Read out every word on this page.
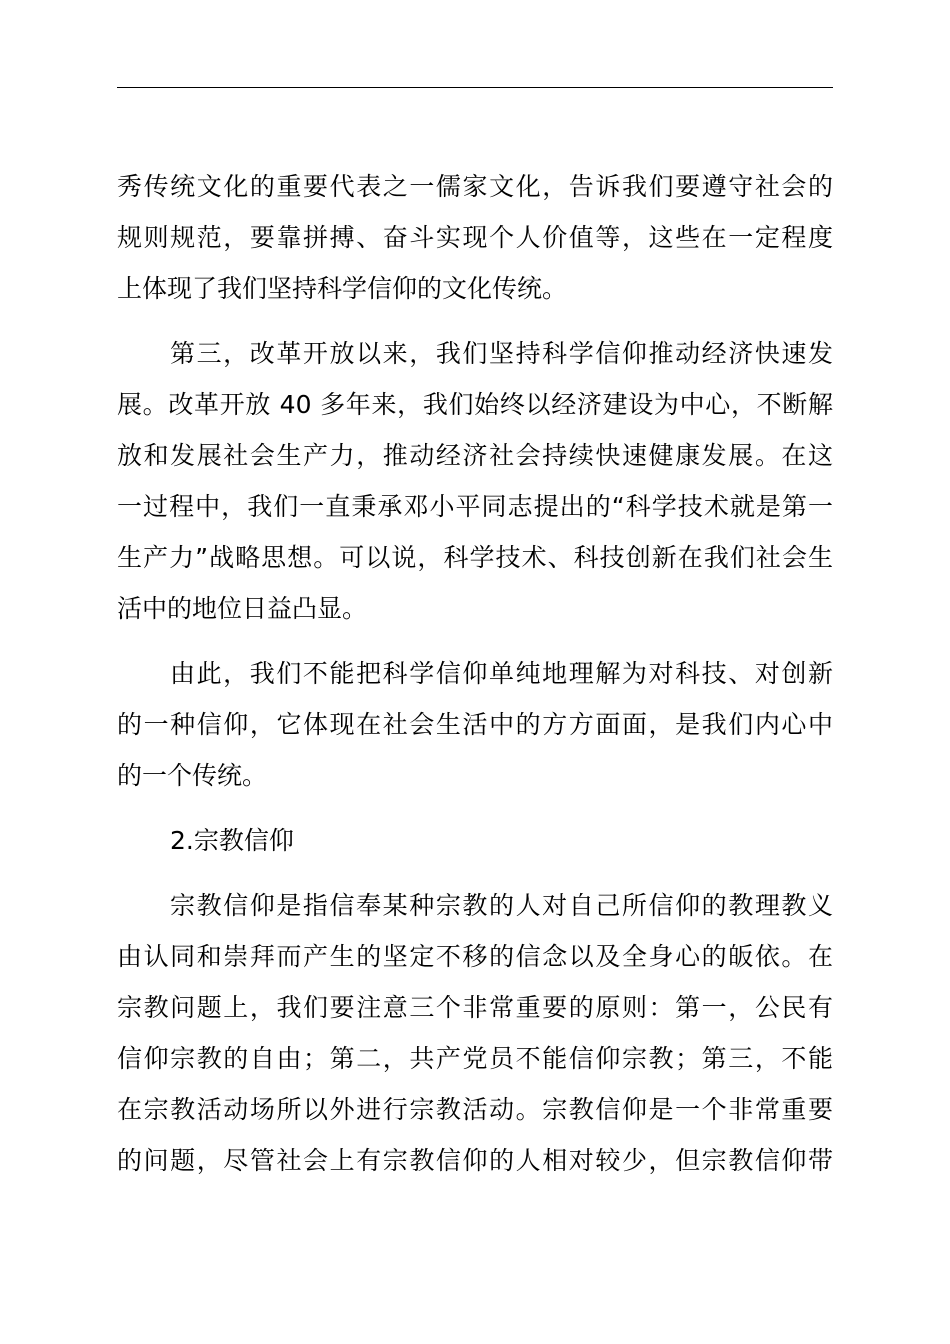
秀传统文化的重要代表之一儒家文化，告诉我们要遵守社会的
规则规范，要靠拼搏、奋斗实现个人价值等，这些在一定程度
上体现了我们坚持科学信仰的文化传统。
第三，改革开放以来，我们坚持科学信仰推动经济快速发
展。改革开放 40 多年来，我们始终以经济建设为中心，不断解
放和发展社会生产力，推动经济社会持续快速健康发展。在这
一过程中，我们一直秉承邓小平同志提出的“科学技术就是第一
生产力”战略思想。可以说，科学技术、科技创新在我们社会生
活中的地位日益凸显。
由此，我们不能把科学信仰单纯地理解为对科技、对创新
的一种信仰，它体现在社会生活中的方方面面，是我们内心中
的一个传统。
2.宗教信仰
宗教信仰是指信奉某种宗教的人对自己所信仰的教理教义
由认同和崇拜而产生的坚定不移的信念以及全身心的皈依。在
宗教问题上，我们要注意三个非常重要的原则：第一，公民有
信仰宗教的自由；第二，共产党员不能信仰宗教；第三，不能
在宗教活动场所以外进行宗教活动。宗教信仰是一个非常重要
的问题，尽管社会上有宗教信仰的人相对较少，但宗教信仰带
